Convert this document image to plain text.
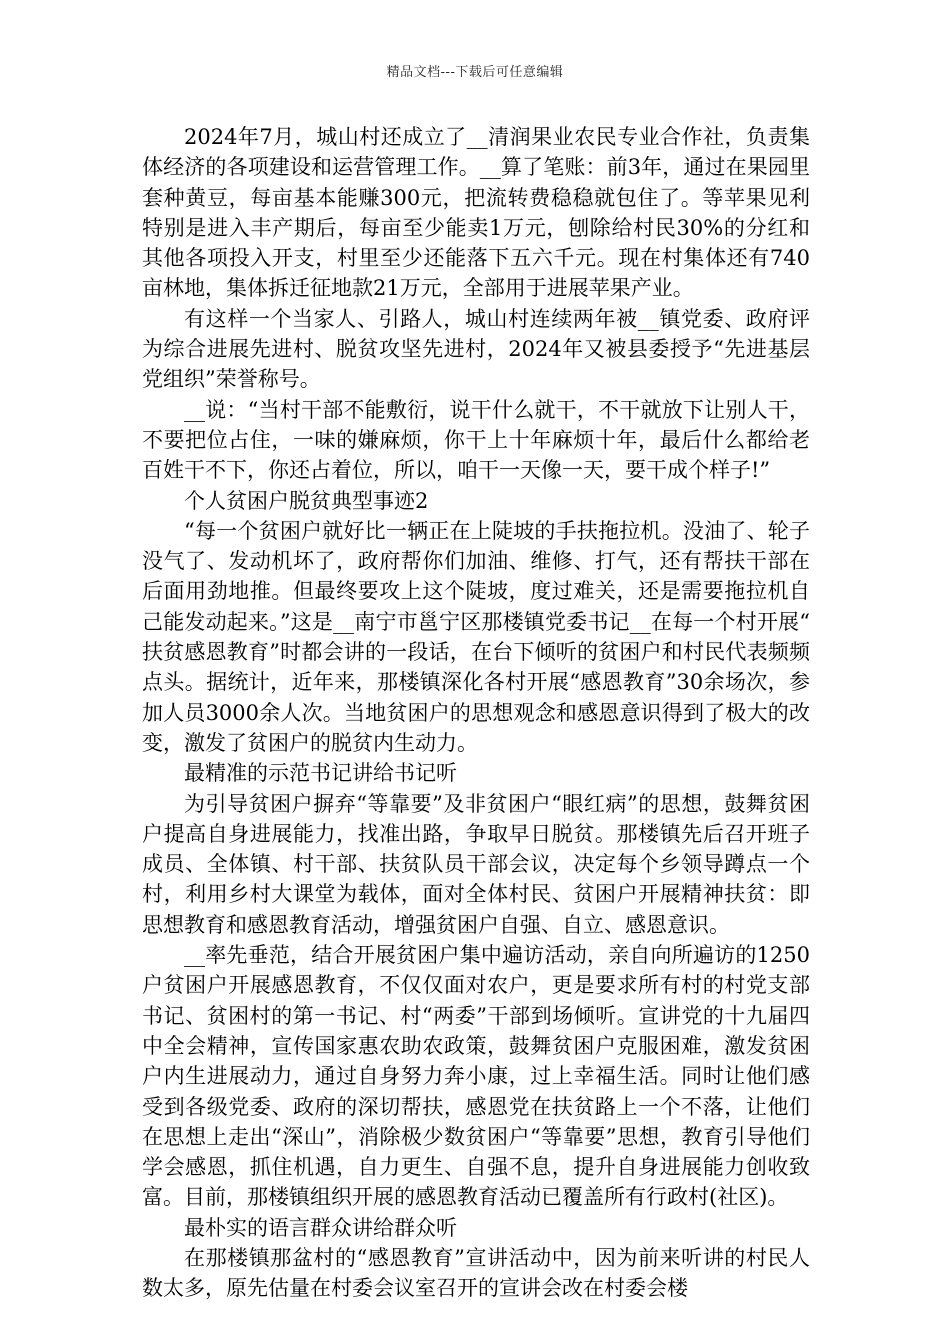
精品文档---下载后可任意编辑

2024年7月，城山村还成立了__清润果业农民专业合作社，负责集体经济的各项建设和运营管理工作。__算了笔账：前3年，通过在果园里套种黄豆，每亩基本能赚300元，把流转费稳稳就包住了。等苹果见利特别是进入丰产期后，每亩至少能卖1万元，刨除给村民30%的分红和其他各项投入开支，村里至少还能落下五六千元。现在村集体还有740亩林地，集体拆迁征地款21万元，全部用于进展苹果产业。

有这样一个当家人、引路人，城山村连续两年被__镇党委、政府评为综合进展先进村、脱贫攻坚先进村，2024年又被县委授予“先进基层党组织”荣誉称号。

__说：“当村干部不能敷衍，说干什么就干，不干就放下让别人干，不要把位占住，一味的嫌麻烦，你干上十年麻烦十年，最后什么都给老百姓干不下，你还占着位，所以，咱干一天像一天，要干成个样子!”

个人贫困户脱贫典型事迹2

“每一个贫困户就好比一辆正在上陡坡的手扶拖拉机。没油了、轮子没气了、发动机坏了，政府帮你们加油、维修、打气，还有帮扶干部在后面用劲地推。但最终要攻上这个陡坡，度过难关，还是需要拖拉机自己能发动起来。”这是__南宁市邕宁区那楼镇党委书记__在每一个村开展“扶贫感恩教育”时都会讲的一段话，在台下倾听的贫困户和村民代表频频点头。据统计，近年来，那楼镇深化各村开展“感恩教育”30余场次，参加人员3000余人次。当地贫困户的思想观念和感恩意识得到了极大的改变，激发了贫困户的脱贫内生动力。

最精准的示范书记讲给书记听

为引导贫困户摒弃“等靠要”及非贫困户“眼红病”的思想，鼓舞贫困户提高自身进展能力，找准出路，争取早日脱贫。那楼镇先后召开班子成员、全体镇、村干部、扶贫队员干部会议，决定每个乡领导蹲点一个村，利用乡村大课堂为载体，面对全体村民、贫困户开展精神扶贫：即思想教育和感恩教育活动，增强贫困户自强、自立、感恩意识。

__率先垂范，结合开展贫困户集中遍访活动，亲自向所遍访的1250户贫困户开展感恩教育，不仅仅面对农户，更是要求所有村的村党支部书记、贫困村的第一书记、村“两委”干部到场倾听。宣讲党的十九届四中全会精神，宣传国家惠农助农政策，鼓舞贫困户克服困难，激发贫困户内生进展动力，通过自身努力奔小康，过上幸福生活。同时让他们感受到各级党委、政府的深切帮扶，感恩党在扶贫路上一个不落，让他们在思想上走出“深山”，消除极少数贫困户“等靠要”思想，教育引导他们学会感恩，抓住机遇，自力更生、自强不息，提升自身进展能力创收致富。目前，那楼镇组织开展的感恩教育活动已覆盖所有行政村(社区)。

最朴实的语言群众讲给群众听

在那楼镇那盆村的“感恩教育”宣讲活动中，因为前来听讲的村民人数太多，原先估量在村委会议室召开的宣讲会改在村委会楼
